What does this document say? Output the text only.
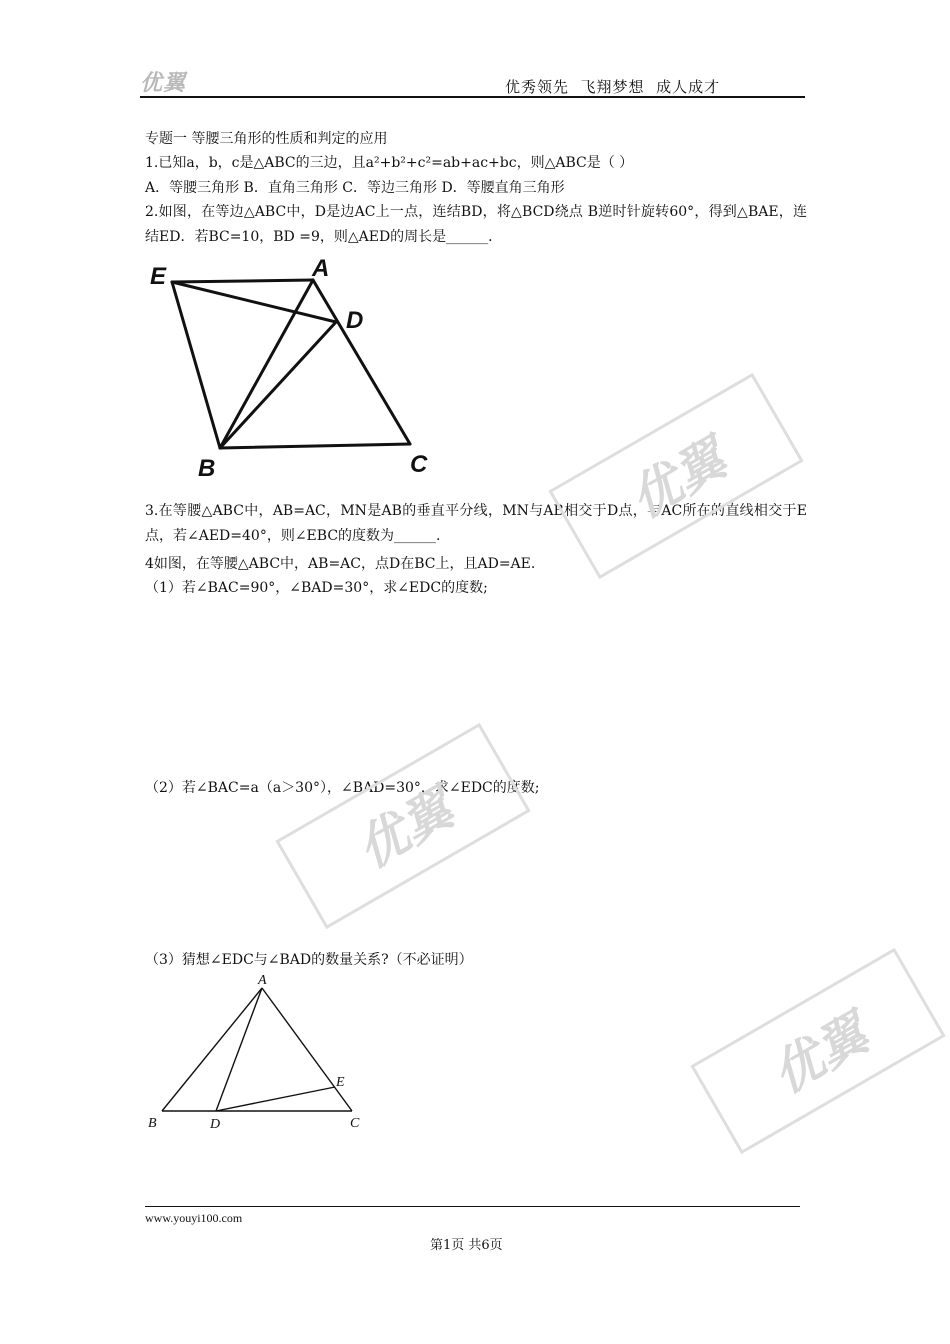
优翼	优秀领先  飞翔梦想  成人成才
专题一 等腰三角形的性质和判定的应用
1.已知a，b，c是△ABC的三边，且a²+b²+c²=ab+ac+bc，则△ABC是（ ）
A．等腰三角形 B．直角三角形 C．等边三角形 D．等腰直角三角形
2.如图，在等边△ABC中，D是边AC上一点，连结BD，将△BCD绕点 B逆时针旋转60°，得到△BAE，连结ED．若BC=10，BD =9，则△AED的周长是______．
E	A
D
B	C
3.在等腰△ABC中，AB=AC，MN是AB的垂直平分线，MN与AB相交于D点，与AC所在的直线相交于E点，若∠AED=40°，则∠EBC的度数为______.
4如图，在等腰△ABC中，AB=AC，点D在BC上，且AD=AE.
（1）若∠BAC=90°，∠BAD=30°，求∠EDC的度数;
（2）若∠BAC=a（a＞30°），∠BAD=30°，求∠EDC的度数;
（3）猜想∠EDC与∠BAD的数量关系?（不必证明）
A
B	C
D
E
优翼
优翼
优翼
www.youyi100.com
第1页 共6页
